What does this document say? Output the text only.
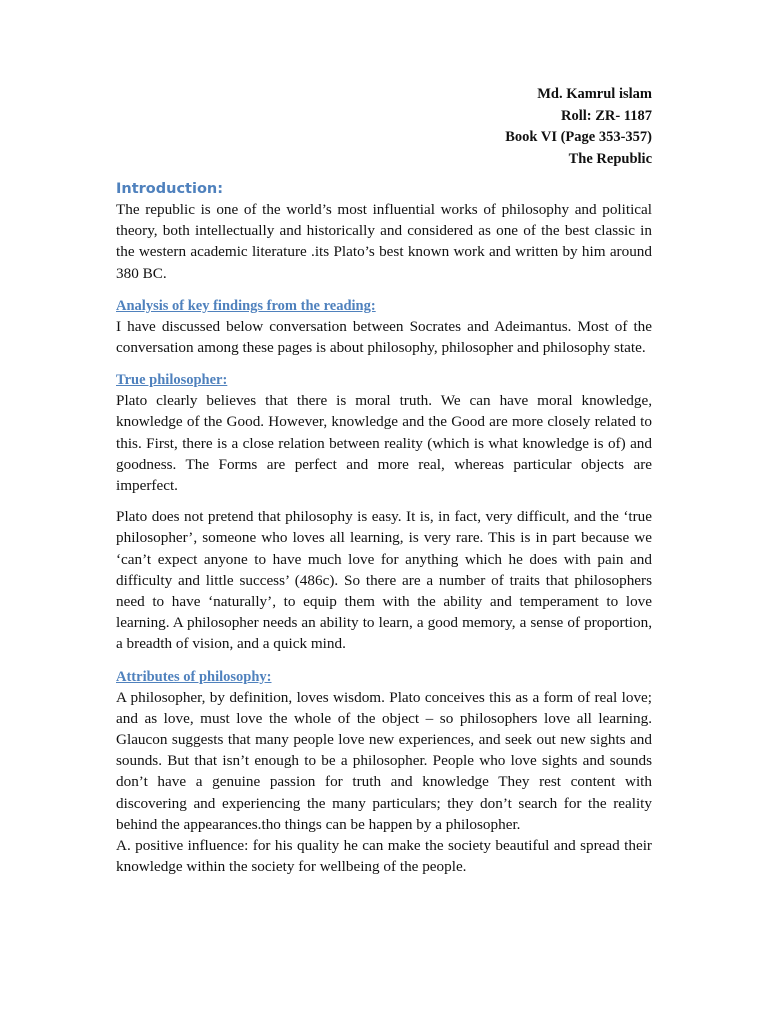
Md. Kamrul islam
Roll: ZR- 1187
Book VI (Page 353-357)
The Republic
Introduction:

The republic is one of the world’s most influential works of philosophy and political theory, both intellectually and historically and considered as one of the best classic in the western academic literature .its Plato’s best known work and written by him around 380 BC.

Analysis of key findings from the reading:

I have discussed below conversation between Socrates and Adeimantus. Most of the conversation among these pages is about philosophy, philosopher and philosophy state.

True philosopher:

Plato clearly believes that there is moral truth. We can have moral knowledge, knowledge of the Good. However, knowledge and the Good are more closely related to this. First, there is a close relation between reality (which is what knowledge is of) and goodness. The Forms are perfect and more real, whereas particular objects are imperfect.

Plato does not pretend that philosophy is easy. It is, in fact, very difficult, and the ‘true philosopher’, someone who loves all learning, is very rare. This is in part because we ‘can’t expect anyone to have much love for anything which he does with pain and difficulty and little success’ (486c). So there are a number of traits that philosophers need to have ‘naturally’, to equip them with the ability and temperament to love learning. A philosopher needs an ability to learn, a good memory, a sense of proportion, a breadth of vision, and a quick mind.

Attributes of philosophy:

A philosopher, by definition, loves wisdom. Plato conceives this as a form of real love; and as love, must love the whole of the object – so philosophers love all learning. Glaucon suggests that many people love new experiences, and seek out new sights and sounds. But that isn’t enough to be a philosopher. People who love sights and sounds don’t have a genuine passion for truth and knowledge They rest content with discovering and experiencing the many particulars; they don’t search for the reality behind the appearances.tho things can be happen by a philosopher.

A. positive influence: for his quality he can make the society beautiful and spread their knowledge within the society for wellbeing of the people.
